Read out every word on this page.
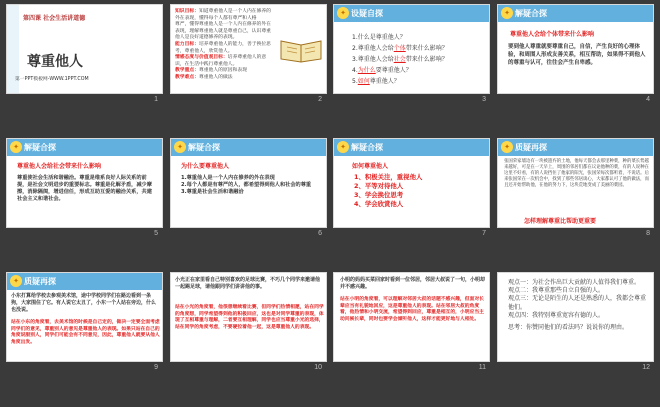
第四课 社会生活讲道德
尊重他人
第一PPT模板网-WWW.1PPT.COM
1
知识目标：知道尊重他人是一个人内在修养的外在表现，懂得每个人都有尊严和人格
尊严，懂得尊重他人是一个人内在修养的外在表现，理解尊重他人就是尊重自己，认识尊重他人是良好道德修养的表现。
能力目标：培养尊重他人的能力，善于换位思考，尊重他人，欣赏他人。
情感态度与价值观目标：培养尊重他人的意识，在生活中践行尊重他人。
教学重点：尊重他人的原因和表现
教学难点：尊重他人的做法
2
✦ 设疑自探
1.什么是尊重他人？
2.尊重他人会给个体带来什么影响？
3.尊重他人会给社会带来什么影响？
4.为什么要尊重他人？
5.如何尊重他人？
3
✦ 解疑合探
尊重他人会给个体带来什么影响
要到他人尊重就要尊重自己，自信，产生良好的心理体验，和周围人形成友善关系，相互帮助，如果得不到他人的尊重与认可，往往会产生自卑感。
4
✦ 解疑合探
尊重他人会给社会带来什么影响
尊重使社会生活和谐融洽。尊重是维系良好人际关系的前提，是社会文明进步的重要标志。尊重是化解矛盾，减少摩擦，消除隔阂，增进信任，形成互助互爱的融洽关系，共建社会主义和谐社会。
5
✦ 解疑合探
为什么要尊重他人
1.尊重他人是一个人内在修养的外在表现
2.每个人都是有尊严的人，都希望得到他人和社会的尊重
3.尊重是社会生活和谐融洽
6
✦ 解疑合探
如何尊重他人
1、积极关注，重视他人
2、平等对待他人
3、学会换位思考
4、学会欣赏他人
7
✦ 质疑再探
张国荣家墙边有一块被遗弃的土地，他每天都会去那里种菜，种的菜长势越来越好，可是在一天早上，周围的邻居们都在议论他种的菜，有的人说种在这里不好看，有的人说挡住了他家的阳光，张国荣每次都听着，不说话。后来张国荣在一次机会中，找到了那些邻居谈心，大家都认可了他的做法，而且还开始帮助他，在他的努力下，这块荒地变成了美丽的菜园。
怎样理解尊重比帮助更重要
8
✦ 质疑再探
小东打算给学校去参观美术馆，途中学校同学们在路边看到一条狗，大家围住了它。有人说它太丑了，小东一个人站在旁边，什么也没说。
站在小东的角度看，去美术馆的时候是自己定的，做决一定要全面考虑同学们的意见，尊重别人的意见是尊重他人的表现。如果只站在自己的角度说服别人，同学们可能会有不同意见，因此，尊重他人就要从他人角度出发。
9
小光正在家里看自己特别喜欢的足球比赛，不巧几个同学来邀请他一起踢足球，请他跟同学们讲讲他的事。
站在小光的角度看，他很想继续看比赛，但同学们热情相邀，站在同学的角度想，同学希望得到他的积极回应，这也是对同学尊重的表现，体现了互相尊重与理解，二者要互相理解，同学也应当尊重小光的选择，站在同学的角度考虑，不要硬拉着他一起，这是尊重他人的表现。
10
小明的妈妈买菜回家时看到一位邻居，邻居大叔说了一句，小明却并不感兴趣。
站在小明的角度看，可以理解对邻居大叔的话题不感兴趣，但面对长辈应当有礼貌地回应，这是尊重他人的表现。站在邻居大叔的角度看，他热情和小明交流，希望得到回应，尊重是相互的，小明应当主动问候长辈，同时也要学会倾听他人，这样才能更好地与人相处。
11
观点一：为社会作出巨大贡献的人值得我们尊重。
观点二：我尊重那些自立自强的人。
观点三：无论是陌生的人还是熟悉的人，我都会尊重他们。
观点四：我特别尊重宽容有德的人。
思考：你赞同他们的看法吗？说说你的理由。
12
